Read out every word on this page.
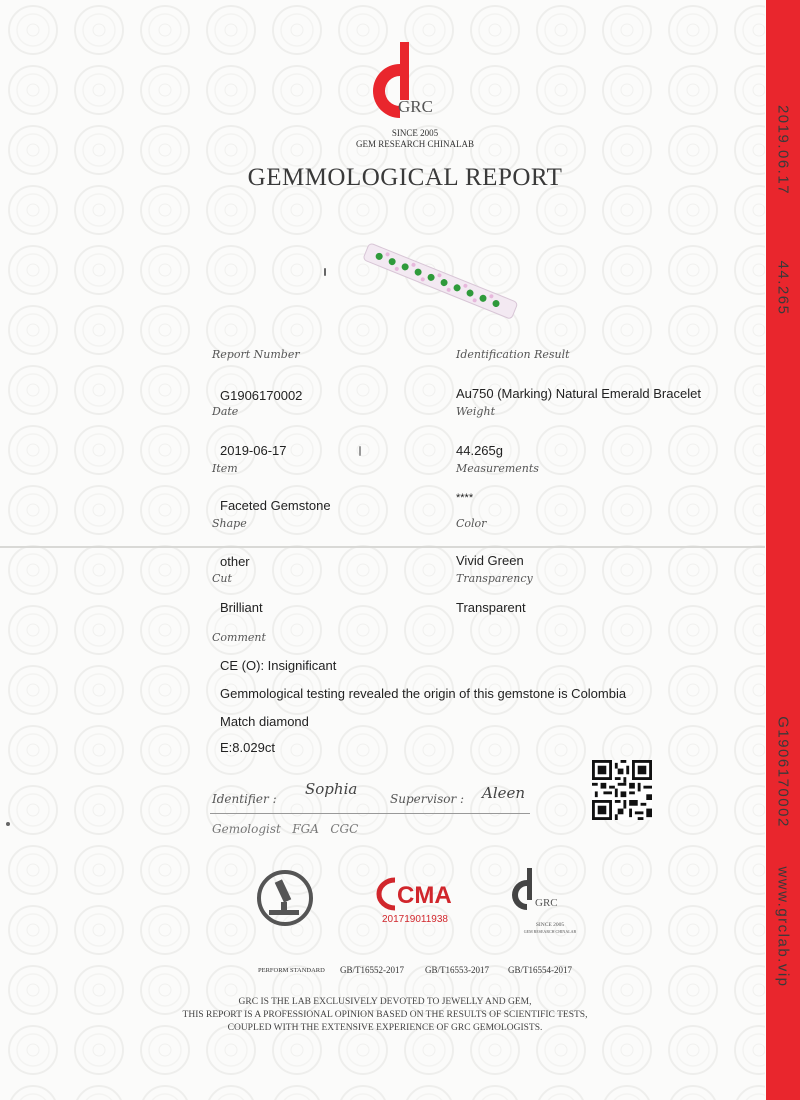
2019.06.17
44.265
G1906170002
www.grclab.vip
GRC
SINCE 2005
GEM RESEARCH CHINALAB
GEMMOLOGICAL REPORT
Report Number
G1906170002
Date
2019-06-17
Item
Faceted Gemstone
Shape
other
Cut
Brilliant
Identification Result
Au750 (Marking) Natural Emerald Bracelet
Weight
44.265g
Measurements
****
Color
Vivid Green
Transparency
Transparent
Comment
CE (O): Insignificant
Gemmological testing revealed the origin of this gemstone is Colombia
Match diamond
E:8.029ct
Identifier :
Sophia
Supervisor : Aleen
Gemologist   FGA   CGC
CMA
201719011938
GRC
SINCE 2005
GEM RESEARCH CHINALAB
PERFORM STANDARD GB/T16552-2017 GB/T16553-2017 GB/T16554-2017
GRC IS THE LAB EXCLUSIVELY DEVOTED TO JEWELLY AND GEM,
THIS REPORT IS A PROFESSIONAL OPINION BASED ON THE RESULTS OF SCIENTIFIC TESTS,
COUPLED WITH THE EXTENSIVE EXPERIENCE OF GRC GEMOLOGISTS.
